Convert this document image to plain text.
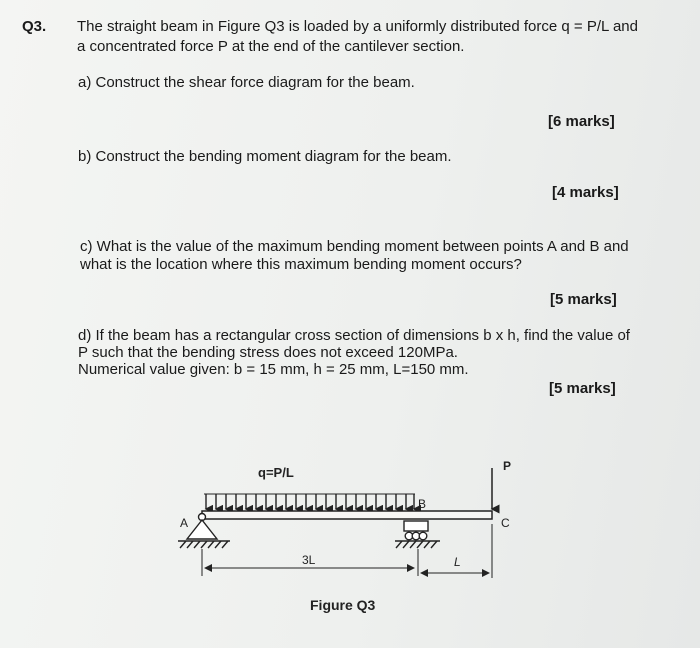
Q3. The straight beam in Figure Q3 is loaded by a uniformly distributed force q = P/L and
a concentrated force P at the end of the cantilever section.
a) Construct the shear force diagram for the beam.
[6 marks]
b) Construct the bending moment diagram for the beam.
[4 marks]
c) What is the value of the maximum bending moment between points A and B and
what is the location where this maximum bending moment occurs?
[5 marks]
d) If the beam has a rectangular cross section of dimensions b x h, find the value of
P such that the bending stress does not exceed 120MPa.
Numerical value given: b = 15 mm, h = 25 mm, L=150 mm.
[5 marks]
q=P/L	P
A
B
C
3L	L
Figure Q3
